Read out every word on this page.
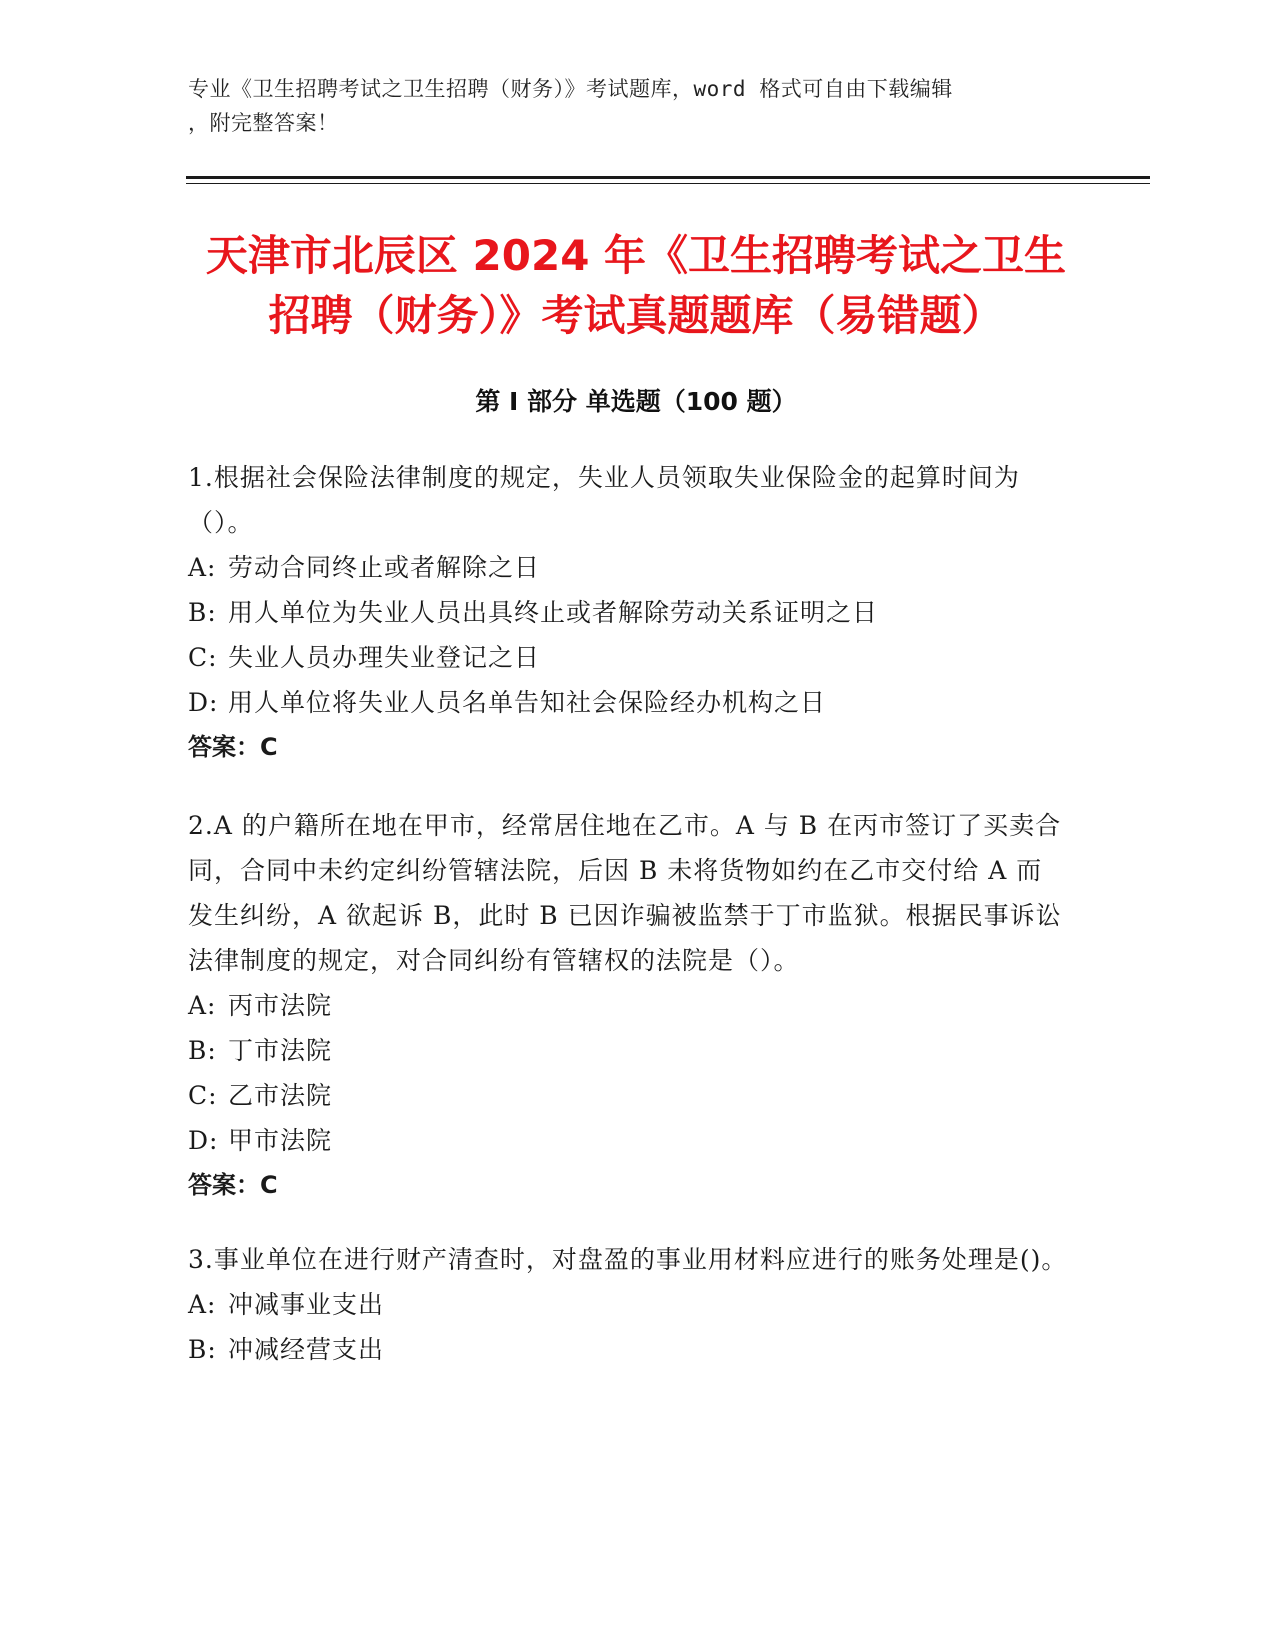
专业《卫生招聘考试之卫生招聘（财务）》考试题库，word 格式可自由下载编辑
，附完整答案！
天津市北辰区 2024 年《卫生招聘考试之卫生
招聘（财务）》考试真题题库（易错题）
第 I 部分 单选题（100 题）
1.根据社会保险法律制度的规定，失业人员领取失业保险金的起算时间为（）。
A: 劳动合同终止或者解除之日
B: 用人单位为失业人员出具终止或者解除劳动关系证明之日
C: 失业人员办理失业登记之日
D: 用人单位将失业人员名单告知社会保险经办机构之日
答案：C
2.A 的户籍所在地在甲市，经常居住地在乙市。A 与 B 在丙市签订了买卖合同，合同中未约定纠纷管辖法院，后因 B 未将货物如约在乙市交付给 A 而发生纠纷，A 欲起诉 B，此时 B 已因诈骗被监禁于丁市监狱。根据民事诉讼法律制度的规定，对合同纠纷有管辖权的法院是（）。
A: 丙市法院
B: 丁市法院
C: 乙市法院
D: 甲市法院
答案：C
3.事业单位在进行财产清查时，对盘盈的事业用材料应进行的账务处理是()。
A: 冲减事业支出
B: 冲减经营支出
